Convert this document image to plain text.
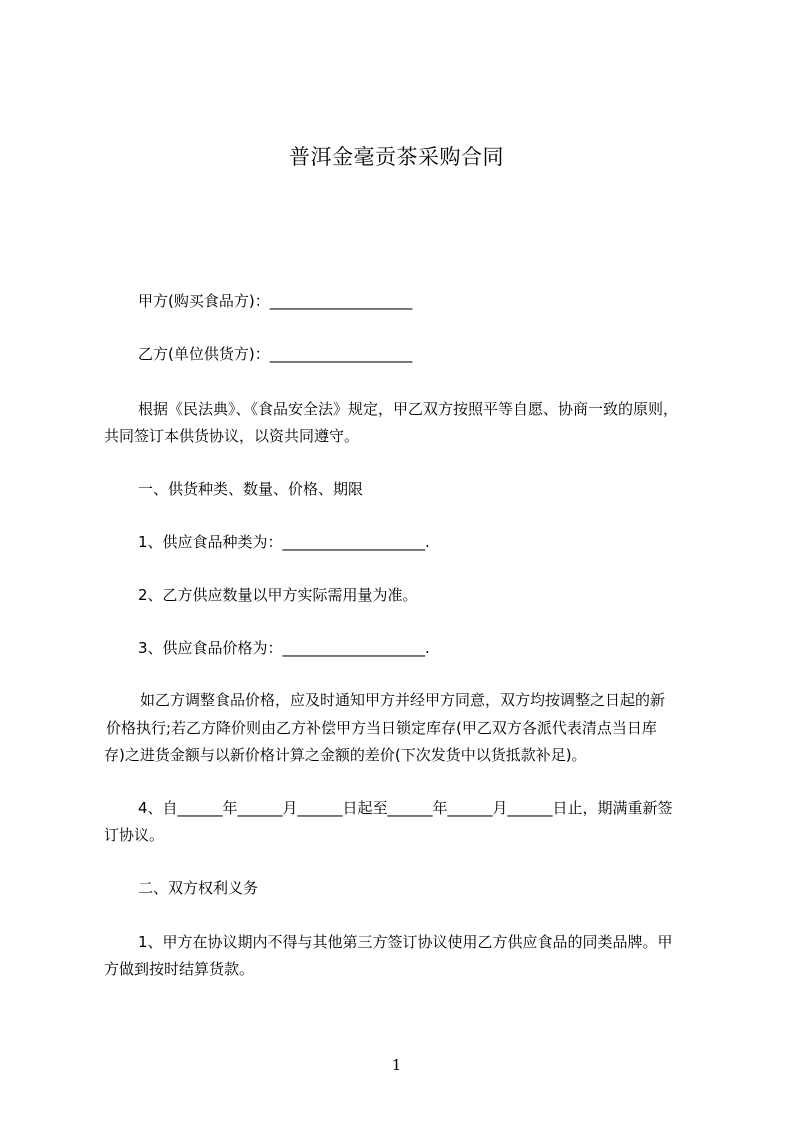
普洱金毫贡茶采购合同
甲方(购买食品方)：___________________
乙方(单位供货方)：___________________
根据《民法典》、《食品安全法》规定，甲乙双方按照平等自愿、协商一致的原则，
共同签订本供货协议，以资共同遵守。
一、供货种类、数量、价格、期限
1、供应食品种类为：___________________.
2、乙方供应数量以甲方实际需用量为准。
3、供应食品价格为：___________________.
如乙方调整食品价格，应及时通知甲方并经甲方同意，双方均按调整之日起的新
价格执行;若乙方降价则由乙方补偿甲方当日锁定库存(甲乙双方各派代表清点当日库
存)之进货金额与以新价格计算之金额的差价(下次发货中以货抵款补足)。
4、自______年______月______日起至______年______月______日止，期满重新签
订协议。
二、双方权利义务
1、甲方在协议期内不得与其他第三方签订协议使用乙方供应食品的同类品牌。甲
方做到按时结算货款。
1
